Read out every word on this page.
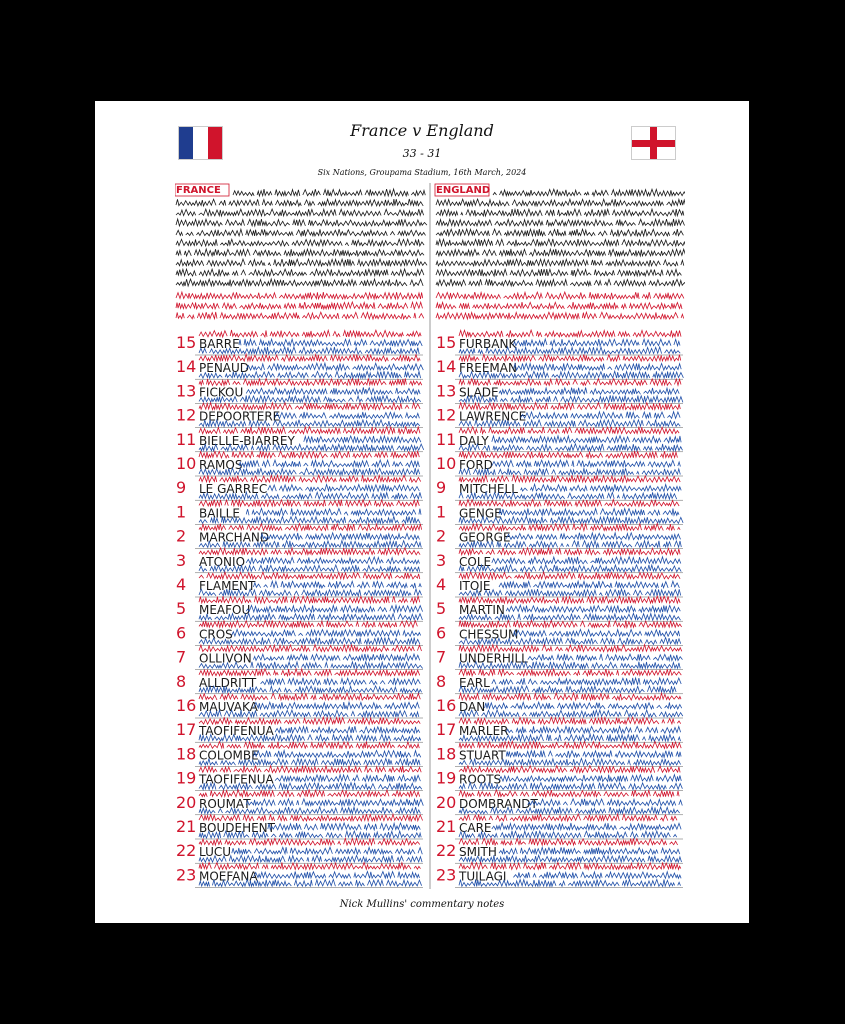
France v England
33 - 31
Six Nations, Groupama Stadium, 16th March, 2024
FRANCE
15 BARRE
14 PENAUD
13 FICKOU
12 DEPOORTERE
11 BIELLE-BIARREY
10 RAMOS
9 LE GARREC
1 BAILLE
2 MARCHAND
3 ATONIO
4 FLAMENT
5 MEAFOU
6 CROS
7 OLLIVON
8 ALLDRITT
16 MAUVAKA
17 TAOFIFENUA
18 COLOMBE
19 TAOFIFENUA
20 ROUMAT
21 BOUDEHENT
22 LUCU
23 MOEFANA
ENGLAND
15 FURBANK
14 FREEMAN
13 SLADE
12 LAWRENCE
11 DALY
10 FORD
9 MITCHELL
1 GENGE
2 GEORGE
3 COLE
4 ITOJE
5 MARTIN
6 CHESSUM
7 UNDERHILL
8 EARL
16 DAN
17 MARLER
18 STUART
19 ROOTS
20 DOMBRANDT
21 CARE
22 SMITH
23 TUILAGI
Nick Mullins' commentary notes
